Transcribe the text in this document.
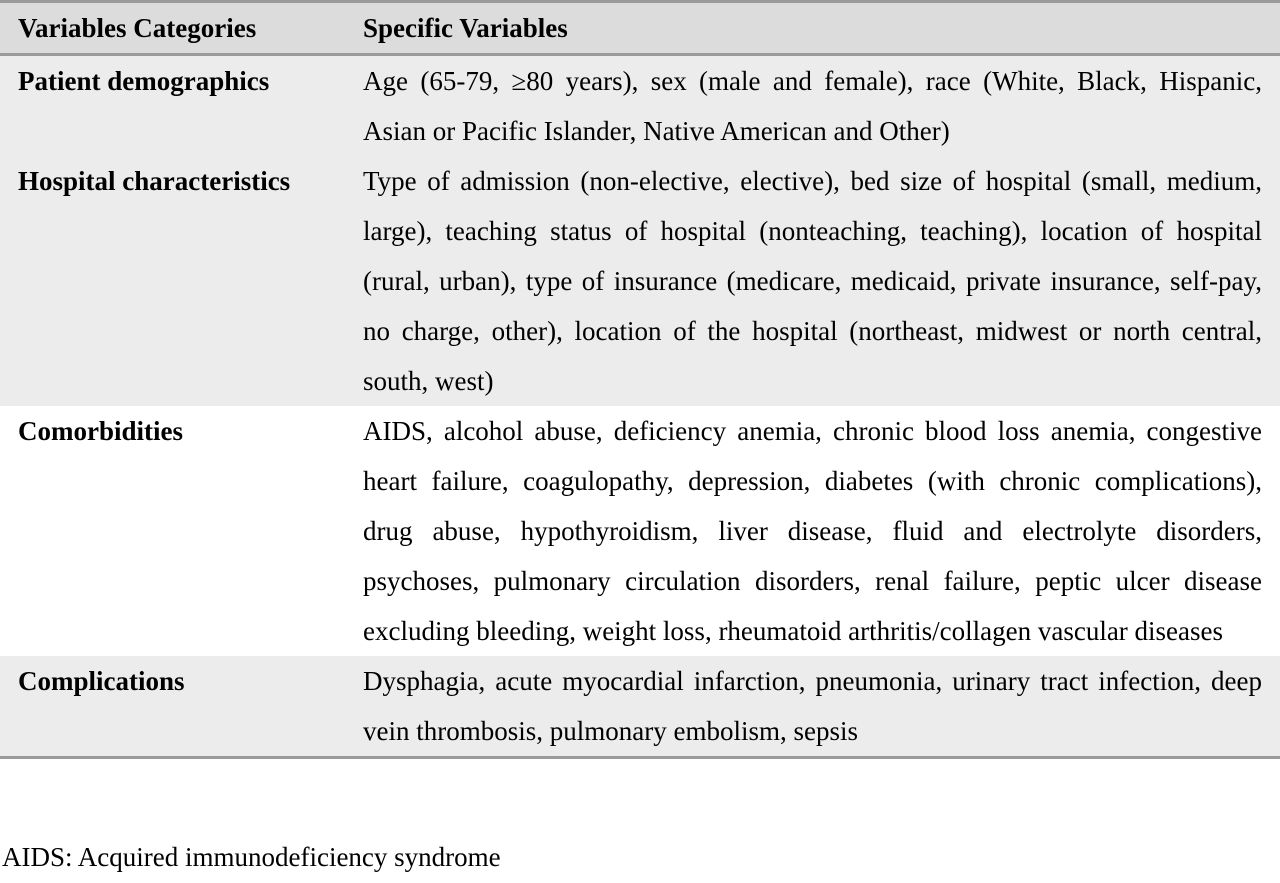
Variables Categories	Specific Variables
Patient demographics	Age (65-79, ≥80 years), sex (male and female), race (White, Black, Hispanic, Asian or Pacific Islander, Native American and Other)
Hospital characteristics	Type of admission (non-elective, elective), bed size of hospital (small, medium, large), teaching status of hospital (nonteaching, teaching), location of hospital (rural, urban), type of insurance (medicare, medicaid, private insurance, self-pay, no charge, other), location of the hospital (northeast, midwest or north central, south, west)
Comorbidities	AIDS, alcohol abuse, deficiency anemia, chronic blood loss anemia, congestive heart failure, coagulopathy, depression, diabetes (with chronic complications), drug abuse, hypothyroidism, liver disease, fluid and electrolyte disorders, psychoses, pulmonary circulation disorders, renal failure, peptic ulcer disease excluding bleeding, weight loss, rheumatoid arthritis/collagen vascular diseases
Complications	Dysphagia, acute myocardial infarction, pneumonia, urinary tract infection, deep vein thrombosis, pulmonary embolism, sepsis
AIDS: Acquired immunodeficiency syndrome
